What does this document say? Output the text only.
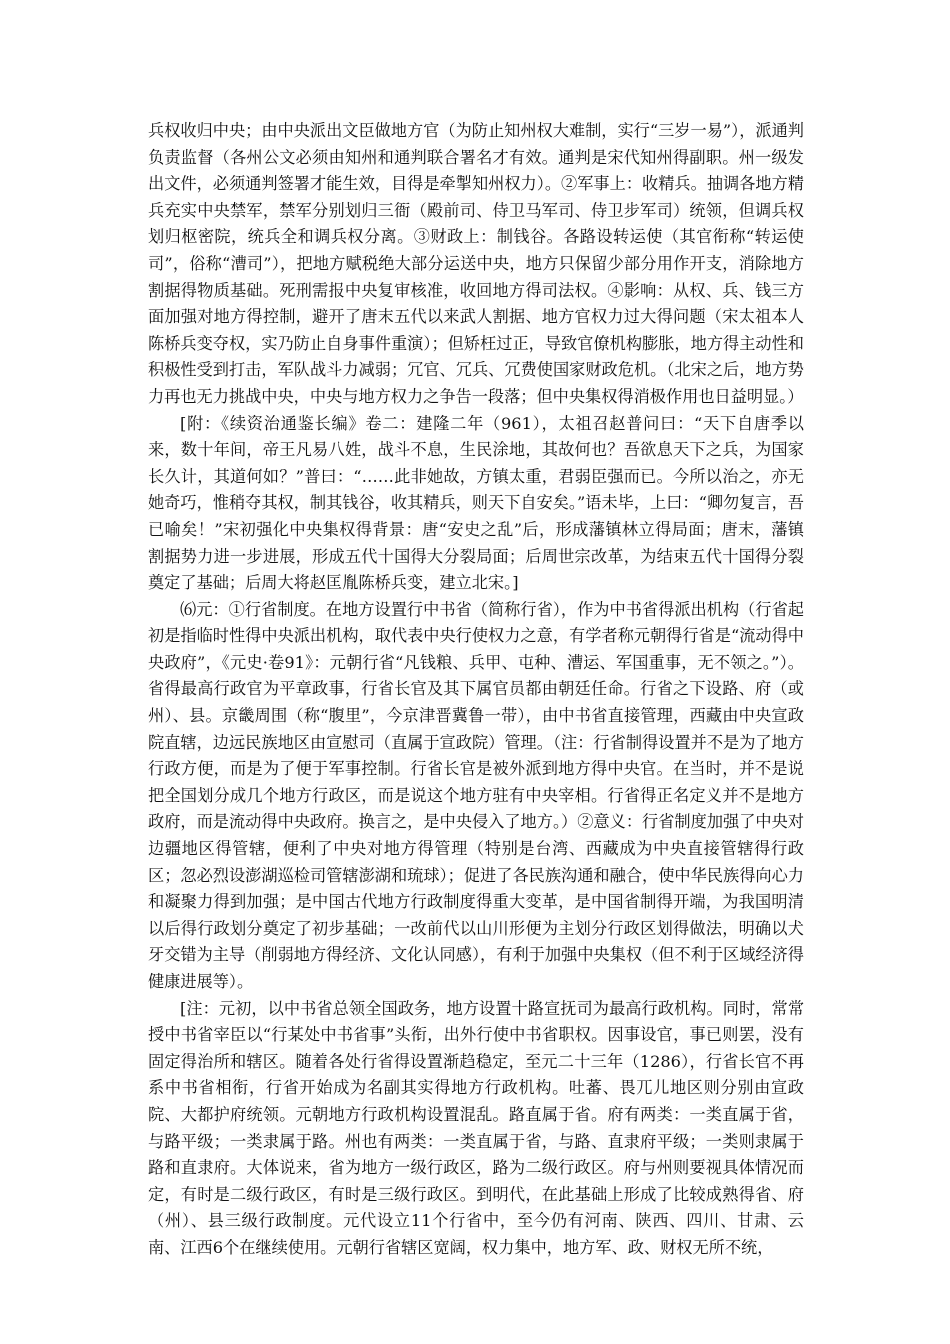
兵权收归中央；由中央派出文臣做地方官（为防止知州权大难制，实行“三岁一易”），派通判负责监督（各州公文必须由知州和通判联合署名才有效。通判是宋代知州得副职。州一级发出文件，必须通判签署才能生效，目得是牵掣知州权力）。②军事上：收精兵。抽调各地方精兵充实中央禁军，禁军分别划归三衙（殿前司、侍卫马军司、侍卫步军司）统领，但调兵权划归枢密院，统兵全和调兵权分离。③财政上：制钱谷。各路设转运使（其官衔称“转运使司”，俗称“漕司”），把地方赋税绝大部分运送中央，地方只保留少部分用作开支，消除地方割据得物质基础。死刑需报中央复审核准，收回地方得司法权。④影响：从权、兵、钱三方面加强对地方得控制，避开了唐末五代以来武人割据、地方官权力过大得问题（宋太祖本人陈桥兵变夺权，实乃防止自身事件重演）；但矫枉过正，导致官僚机构膨胀，地方得主动性和积极性受到打击，军队战斗力减弱；冗官、冗兵、冗费使国家财政危机。（北宋之后，地方势力再也无力挑战中央，中央与地方权力之争告一段落；但中央集权得消极作用也日益明显。）

[附：《续资治通鉴长编》卷二：建隆二年（961），太祖召赵普问曰：“天下自唐季以来，数十年间，帝王凡易八姓，战斗不息，生民涂地，其故何也？吾欲息天下之兵，为国家长久计，其道何如？”普曰：“……此非她故，方镇太重，君弱臣强而已。今所以治之，亦无她奇巧，惟稍夺其权，制其钱谷，收其精兵，则天下自安矣。”语未毕，上曰：“卿勿复言，吾已喻矣！”宋初强化中央集权得背景：唐“安史之乱”后，形成藩镇林立得局面；唐末，藩镇割据势力进一步进展，形成五代十国得大分裂局面；后周世宗改革，为结束五代十国得分裂奠定了基础；后周大将赵匡胤陈桥兵变，建立北宋。]

⑹元：①行省制度。在地方设置行中书省（简称行省），作为中书省得派出机构（行省起初是指临时性得中央派出机构，取代表中央行使权力之意，有学者称元朝得行省是“流动得中央政府”，《元史·卷91》：元朝行省“凡钱粮、兵甲、屯种、漕运、军国重事，无不领之。”）。省得最高行政官为平章政事，行省长官及其下属官员都由朝廷任命。行省之下设路、府（或州）、县。京畿周围（称“腹里”，今京津晋冀鲁一带），由中书省直接管理，西藏由中央宣政院直辖，边远民族地区由宣慰司（直属于宣政院）管理。（注：行省制得设置并不是为了地方行政方便，而是为了便于军事控制。行省长官是被外派到地方得中央官。在当时，并不是说把全国划分成几个地方行政区，而是说这个地方驻有中央宰相。行省得正名定义并不是地方政府，而是流动得中央政府。换言之，是中央侵入了地方。）②意义：行省制度加强了中央对边疆地区得管辖，便利了中央对地方得管理（特别是台湾、西藏成为中央直接管辖得行政区；忽必烈设澎湖巡检司管辖澎湖和琉球）；促进了各民族沟通和融合，使中华民族得向心力和凝聚力得到加强；是中国古代地方行政制度得重大变革，是中国省制得开端，为我国明清以后得行政划分奠定了初步基础；一改前代以山川形便为主划分行政区划得做法，明确以犬牙交错为主导（削弱地方得经济、文化认同感），有利于加强中央集权（但不利于区域经济得健康进展等）。

[注：元初，以中书省总领全国政务，地方设置十路宣抚司为最高行政机构。同时，常常授中书省宰臣以“行某处中书省事”头衔，出外行使中书省职权。因事设官，事已则罢，没有固定得治所和辖区。随着各处行省得设置渐趋稳定，至元二十三年（1286），行省长官不再系中书省相衔，行省开始成为名副其实得地方行政机构。吐蕃、畏兀儿地区则分别由宣政院、大都护府统领。元朝地方行政机构设置混乱。路直属于省。府有两类：一类直属于省，与路平级；一类隶属于路。州也有两类：一类直属于省，与路、直隶府平级；一类则隶属于路和直隶府。大体说来，省为地方一级行政区，路为二级行政区。府与州则要视具体情况而定，有时是二级行政区，有时是三级行政区。到明代，在此基础上形成了比较成熟得省、府（州）、县三级行政制度。元代设立11个行省中，至今仍有河南、陕西、四川、甘肃、云南、江西6个在继续使用。元朝行省辖区宽阔，权力集中，地方军、政、财权无所不统，
